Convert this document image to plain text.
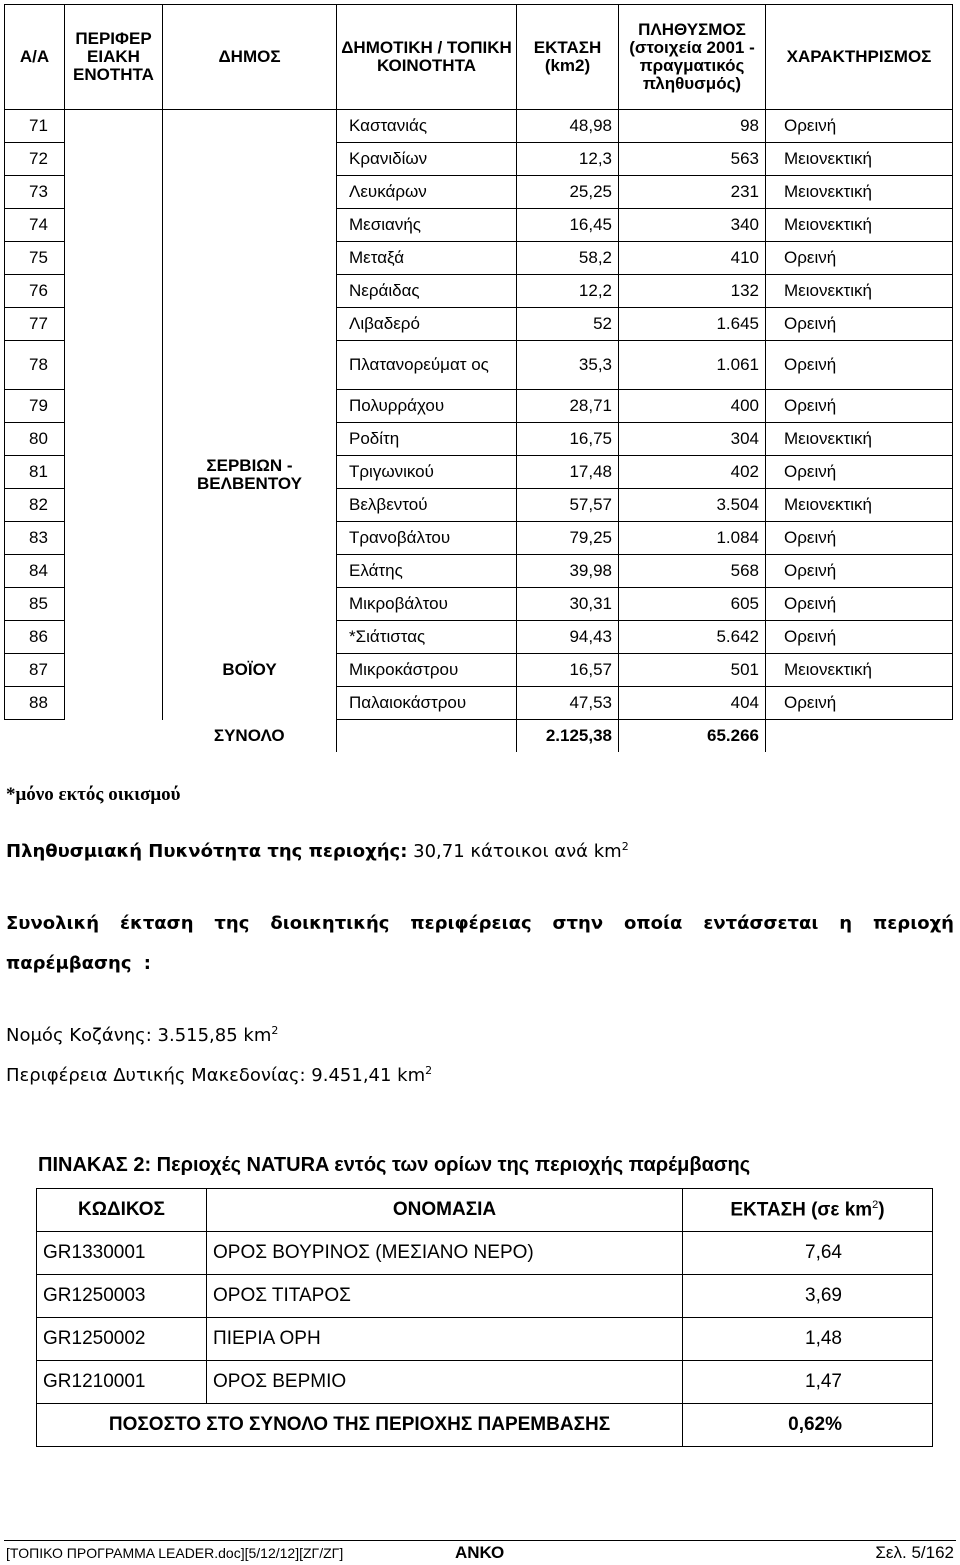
Α/Α	ΠΕΡΙΦΕΡ ΕΙΑΚΗ ΕΝΟΤΗΤΑ	ΔΗΜΟΣ	ΔΗΜΟΤΙΚΗ / ΤΟΠΙΚΗ ΚΟΙΝΟΤΗΤΑ	ΕΚΤΑΣΗ (km2)	ΠΛΗΘΥΣΜΟΣ (στοιχεία 2001 - πραγματικός πληθυσμός)	ΧΑΡΑΚΤΗΡΙΣΜΟΣ
71		ΣΕΡΒΙΩΝ - ΒΕΛΒΕΝΤΟΥ	Καστανιάς	48,98	98	Ορεινή
72			Κρανιδίων	12,3	563	Μειονεκτική
73			Λευκάρων	25,25	231	Μειονεκτική
74			Μεσιανής	16,45	340	Μειονεκτική
75			Μεταξά	58,2	410	Ορεινή
76			Νεράιδας	12,2	132	Μειονεκτική
77			Λιβαδερό	52	1.645	Ορεινή
78			Πλατανορεύματ ος	35,3	1.061	Ορεινή
79			Πολυρράχου	28,71	400	Ορεινή
80			Ροδίτη	16,75	304	Μειονεκτική
81			Τριγωνικού	17,48	402	Ορεινή
82			Βελβεντού	57,57	3.504	Μειονεκτική
83			Τρανοβάλτου	79,25	1.084	Ορεινή
84			Ελάτης	39,98	568	Ορεινή
85			Μικροβάλτου	30,31	605	Ορεινή
86		ΒΟΪΟΥ	*Σιάτιστας	94,43	5.642	Ορεινή
87			Μικροκάστρου	16,57	501	Μειονεκτική
88			Παλαιοκάστρου	47,53	404	Ορεινή
		ΣΥΝΟΛΟ		2.125,38	65.266	
*μόνο εκτός οικισμού
Πληθυσμιακή Πυκνότητα της περιοχής: 30,71 κάτοικοι ανά $km^2$
Συνολική έκταση της διοικητικής περιφέρειας στην οποία εντάσσεται η περιοχή παρέμβασης :
Νομός Κοζάνης: 3.515,85 $km^2$
Περιφέρεια Δυτικής Μακεδονίας: 9.451,41 $km^2$
ΠΙΝΑΚΑΣ 2: Περιοχές NATURA εντός των ορίων της περιοχής παρέμβασης
ΚΩΔΙΚΟΣ	ΟΝΟΜΑΣΙΑ	ΕΚΤΑΣΗ (σε $km^2$)
GR1330001	ΟΡΟΣ ΒΟΥΡΙΝΟΣ (ΜΕΣΙΑΝΟ ΝΕΡΟ)	7,64
GR1250003	ΟΡΟΣ ΤΙΤΑΡΟΣ	3,69
GR1250002	ΠΙΕΡΙΑ ΟΡΗ	1,48
GR1210001	ΟΡΟΣ ΒΕΡΜΙΟ	1,47
ΠΟΣΟΣΤΟ ΣΤΟ ΣΥΝΟΛΟ ΤΗΣ ΠΕΡΙΟΧΗΣ ΠΑΡΕΜΒΑΣΗΣ		0,62%
[ΤΟΠΙΚΟ ΠΡΟΓΡΑΜΜΑ LEADER.doc][5/12/12][ΖΓ/ΖΓ]	ΑΝΚΟ	Σελ. 5/162
